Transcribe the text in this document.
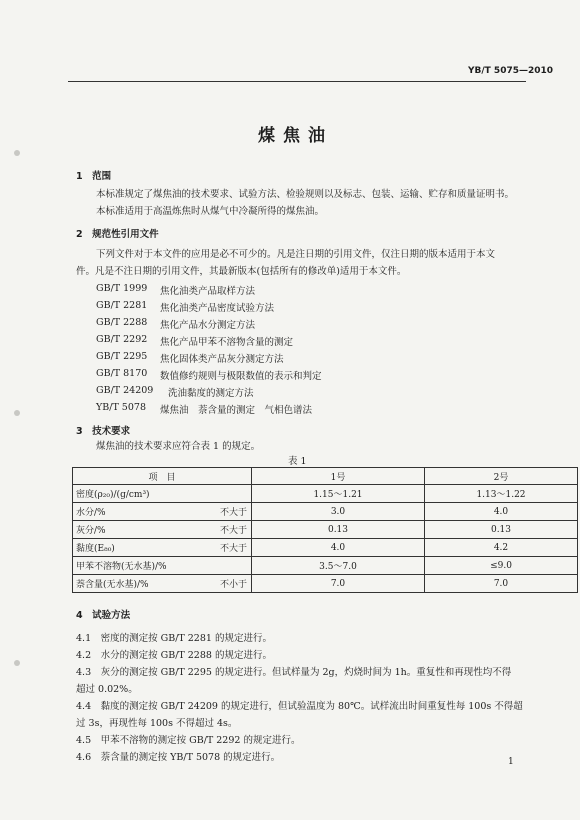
YB/T 5075—2010
煤焦油
1　范围
本标准规定了煤焦油的技术要求、试验方法、检验规则以及标志、包装、运输、贮存和质量证明书。
本标准适用于高温炼焦时从煤气中冷凝所得的煤焦油。
2　规范性引用文件
下列文件对于本文件的应用是必不可少的。凡是注日期的引用文件，仅注日期的版本适用于本文
件。凡是不注日期的引用文件，其最新版本(包括所有的修改单)适用于本文件。
GB/T 1999 焦化油类产品取样方法
GB/T 2281 焦化油类产品密度试验方法
GB/T 2288 焦化产品水分测定方法
GB/T 2292 焦化产品甲苯不溶物含量的测定
GB/T 2295 焦化固体类产品灰分测定方法
GB/T 8170 数值修约规则与极限数值的表示和判定
GB/T 24209 洗油黏度的测定方法
YB/T 5078 煤焦油　萘含量的测定　气相色谱法
3　技术要求
煤焦油的技术要求应符合表 1 的规定。
表 1
项　目	1号	2号

密度(ρ₂₀)/(g/cm³)	1.15～1.21	1.13～1.22

水分/% 不大于	3.0	4.0

灰分/% 不大于	0.13	0.13

黏度(E₈₀) 不大于	4.0	4.2

甲苯不溶物(无水基)/%	3.5～7.0	≤9.0

萘含量(无水基)/% 不小于	7.0	7.0
4　试验方法
4.1　密度的测定按 GB/T 2281 的规定进行。
4.2　水分的测定按 GB/T 2288 的规定进行。
4.3　灰分的测定按 GB/T 2295 的规定进行。但试样量为 2g，灼烧时间为 1h。重复性和再现性均不得
超过 0.02%。
4.4　黏度的测定按 GB/T 24209 的规定进行，但试验温度为 80℃。试样流出时间重复性每 100s 不得超
过 3s，再现性每 100s 不得超过 4s。
4.5　甲苯不溶物的测定按 GB/T 2292 的规定进行。
4.6　萘含量的测定按 YB/T 5078 的规定进行。	1
